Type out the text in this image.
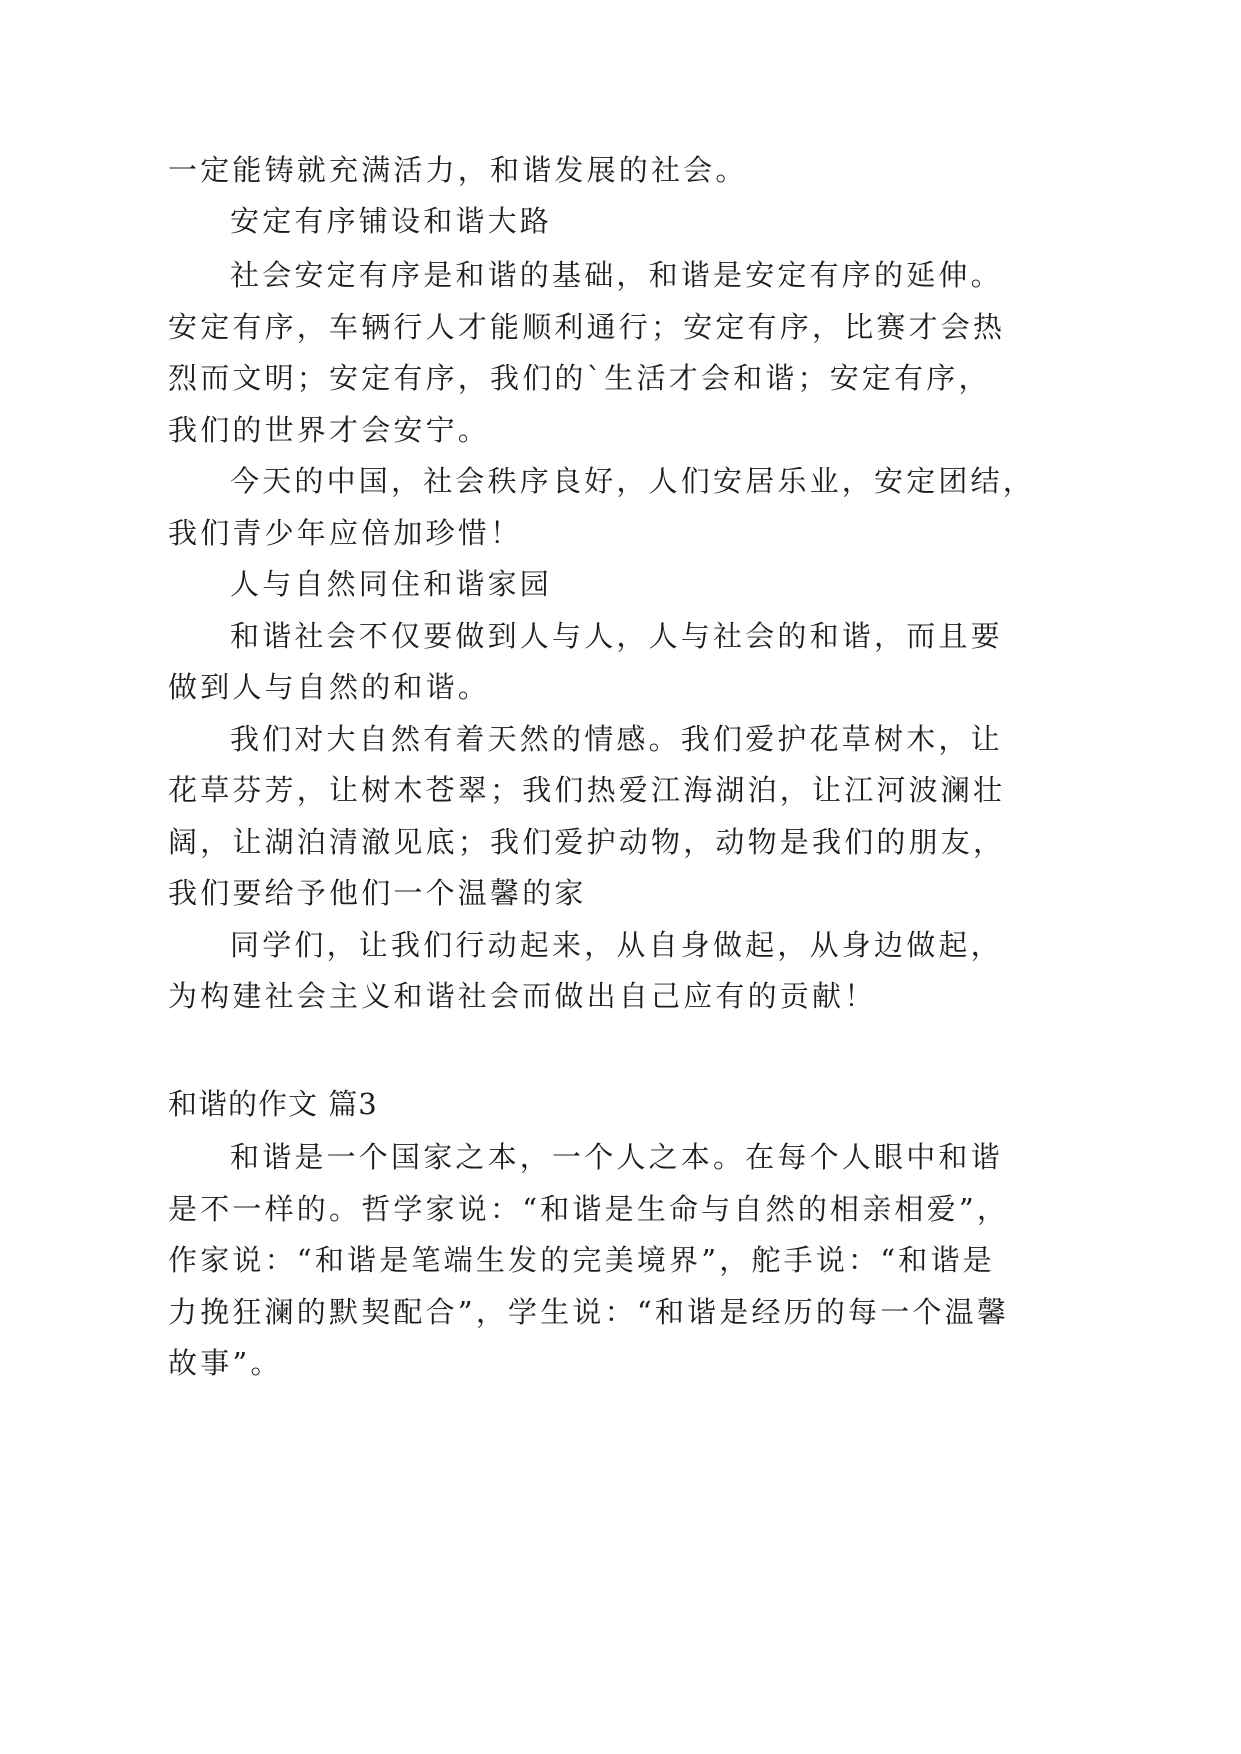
一定能铸就充满活力，和谐发展的社会。
安定有序铺设和谐大路
社会安定有序是和谐的基础，和谐是安定有序的延伸。
安定有序，车辆行人才能顺利通行；安定有序，比赛才会热
烈而文明；安定有序，我们的`生活才会和谐；安定有序，
我们的世界才会安宁。
今天的中国，社会秩序良好，人们安居乐业，安定团结，
我们青少年应倍加珍惜！
人与自然同住和谐家园
和谐社会不仅要做到人与人，人与社会的和谐，而且要
做到人与自然的和谐。
我们对大自然有着天然的情感。我们爱护花草树木，让
花草芬芳，让树木苍翠；我们热爱江海湖泊，让江河波澜壮
阔，让湖泊清澈见底；我们爱护动物，动物是我们的朋友，
我们要给予他们一个温馨的家
同学们，让我们行动起来，从自身做起，从身边做起，
为构建社会主义和谐社会而做出自己应有的贡献！
和谐的作文 篇3
和谐是一个国家之本，一个人之本。在每个人眼中和谐
是不一样的。哲学家说：“和谐是生命与自然的相亲相爱”，
作家说：“和谐是笔端生发的完美境界”，舵手说：“和谐是
力挽狂澜的默契配合”，学生说：“和谐是经历的每一个温馨
故事”。
